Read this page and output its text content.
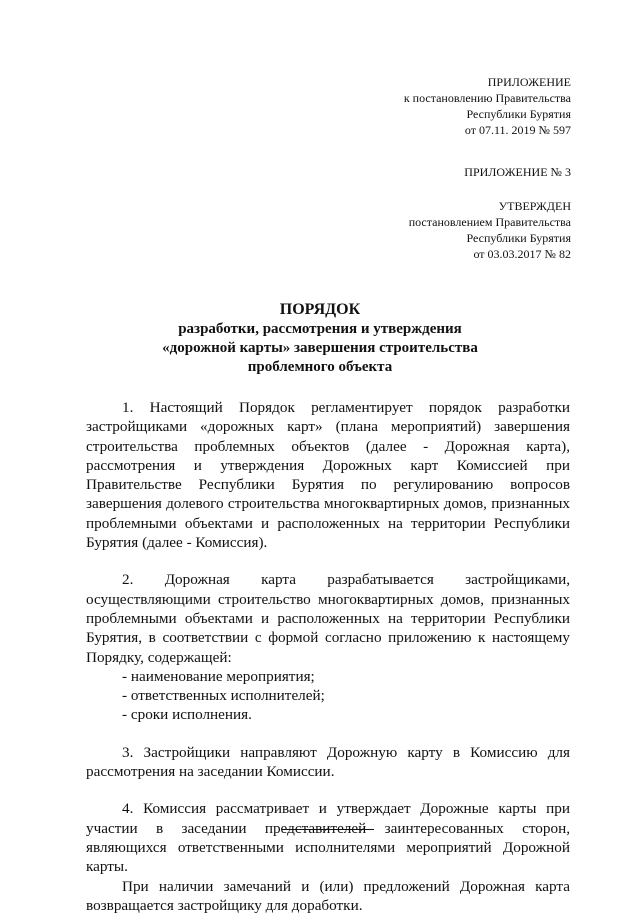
ПРИЛОЖЕНИЕ
к постановлению Правительства
Республики Бурятия
от 07.11. 2019 № 597
ПРИЛОЖЕНИЕ № 3
УТВЕРЖДЕН
постановлением Правительства
Республики Бурятия
от 03.03.2017 № 82
ПОРЯДОК
разработки, рассмотрения и утверждения
«дорожной карты» завершения строительства
проблемного объекта

1. Настоящий Порядок регламентирует порядок разработки застройщиками «дорожных карт» (плана мероприятий) завершения строительства проблемных объектов (далее - Дорожная карта), рассмотрения и утверждения Дорожных карт Комиссией при Правительстве Республики Бурятия по регулированию вопросов завершения долевого строительства многоквартирных домов, признанных проблемными объектами и расположенных на территории Республики Бурятия (далее - Комиссия).

2. Дорожная карта разрабатывается застройщиками, осуществляющими строительство многоквартирных домов, признанных проблемными объектами и расположенных на территории Республики Бурятия, в соответствии с формой согласно приложению к настоящему Порядку, содержащей:

- наименование мероприятия;

- ответственных исполнителей;

- сроки исполнения.

3. Застройщики направляют Дорожную карту в Комиссию для рассмотрения на заседании Комиссии.

4. Комиссия рассматривает и утверждает Дорожные карты при участии в заседании представителей заинтересованных сторон, являющихся ответственными исполнителями мероприятий Дорожной карты.

При наличии замечаний и (или) предложений Дорожная карта возвращается застройщику для доработки.
